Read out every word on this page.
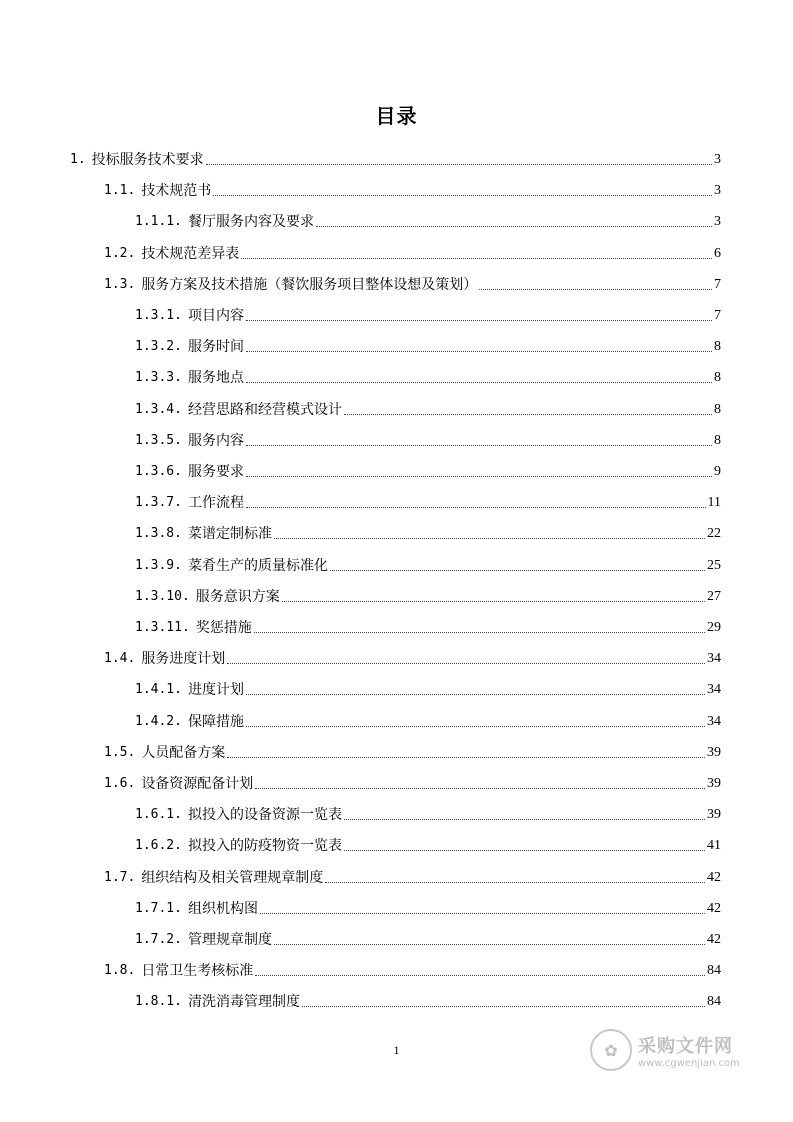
目录
1. 投标服务技术要求	3
1.1. 技术规范书	3
1.1.1. 餐厅服务内容及要求	3
1.2. 技术规范差异表	6
1.3. 服务方案及技术措施（餐饮服务项目整体设想及策划）	7
1.3.1. 项目内容	7
1.3.2. 服务时间	8
1.3.3. 服务地点	8
1.3.4. 经营思路和经营模式设计	8
1.3.5. 服务内容	8
1.3.6. 服务要求	9
1.3.7. 工作流程	11
1.3.8. 菜谱定制标准	22
1.3.9. 菜肴生产的质量标准化	25
1.3.10. 服务意识方案	27
1.3.11. 奖惩措施	29
1.4. 服务进度计划	34
1.4.1. 进度计划	34
1.4.2. 保障措施	34
1.5. 人员配备方案	39
1.6. 设备资源配备计划	39
1.6.1. 拟投入的设备资源一览表	39
1.6.2. 拟投入的防疫物资一览表	41
1.7. 组织结构及相关管理规章制度	42
1.7.1. 组织机构图	42
1.7.2. 管理规章制度	42
1.8. 日常卫生考核标准	84
1.8.1. 清洗消毒管理制度	84
1	✿	采购文件网
www.cgwenjian.com
